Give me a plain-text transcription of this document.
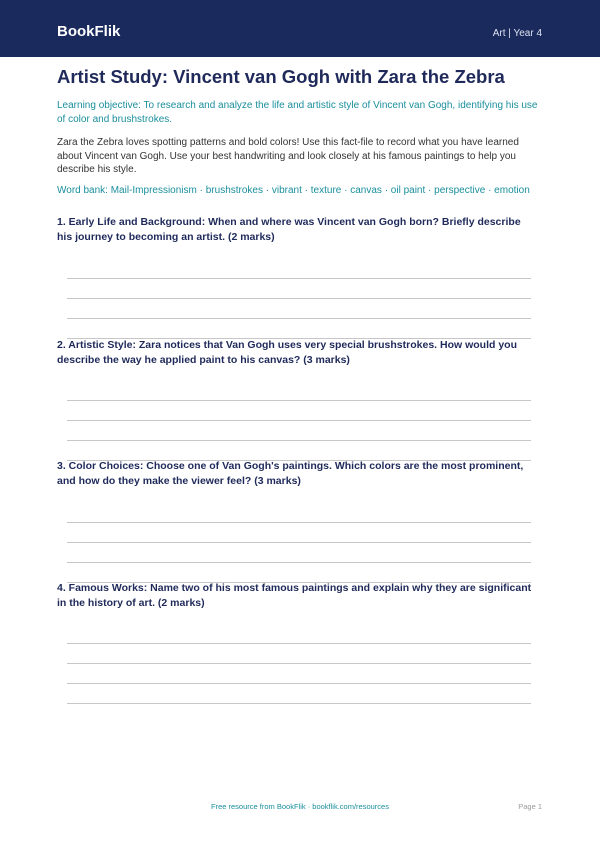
BookFlik	Art | Year 4
Artist Study: Vincent van Gogh with Zara the Zebra

Learning objective: To research and analyze the life and artistic style of Vincent van Gogh, identifying his use of color and brushstrokes.

Zara the Zebra loves spotting patterns and bold colors! Use this fact-file to record what you have learned about Vincent van Gogh. Use your best handwriting and look closely at his famous paintings to help you describe his style.

Word bank: Mail-Impressionism · brushstrokes · vibrant · texture · canvas · oil paint · perspective · emotion

1. Early Life and Background: When and where was Vincent van Gogh born? Briefly describe his journey to becoming an artist. (2 marks)

2. Artistic Style: Zara notices that Van Gogh uses very special brushstrokes. How would you describe the way he applied paint to his canvas? (3 marks)

3. Color Choices: Choose one of Van Gogh's paintings. Which colors are the most prominent, and how do they make the viewer feel? (3 marks)

4. Famous Works: Name two of his most famous paintings and explain why they are significant in the history of art. (2 marks)

Free resource from BookFlik · bookflik.com/resources	Page 1
